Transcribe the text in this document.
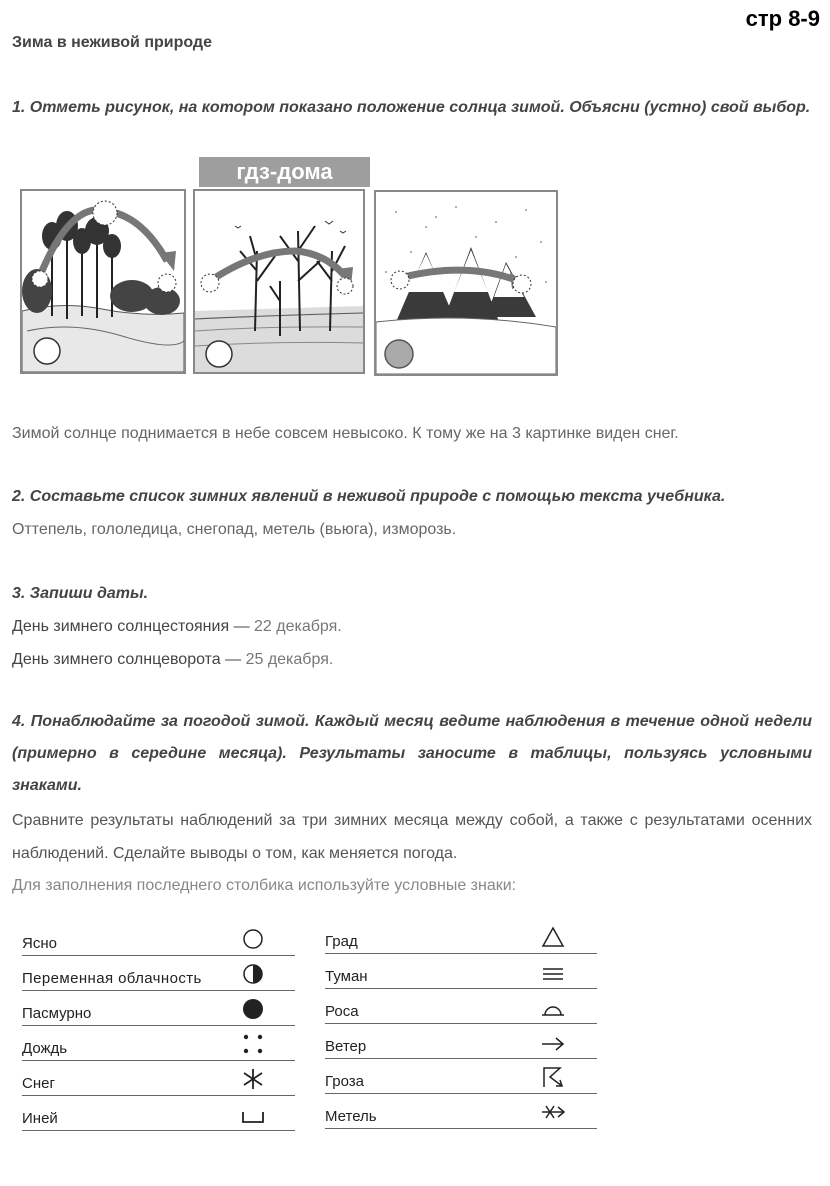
стр 8-9
Зима в неживой природе
1. Отметь рисунок, на котором показано положение солнца зимой. Объясни (устно) свой выбор.
гдз-дома
Зимой солнце поднимается в небе совсем невысоко. К тому же на 3 картинке виден снег.
2. Составьте список зимних явлений в неживой природе с помощью текста учебника.
Оттепель, гололедица, снегопад, метель (вьюга), изморозь.
3. Запиши даты.
День зимнего солнцестояния — 22 декабря.
День зимнего солнцеворота — 25 декабря.
4. Понаблюдайте за погодой зимой. Каждый месяц ведите наблюдения в течение одной недели (примерно в середине месяца). Результаты заносите в таблицы, пользуясь условными знаками.
Сравните результаты наблюдений за три зимних месяца между собой, а также с результатами осенних наблюдений. Сделайте выводы о том, как меняется погода.
Для заполнения последнего столбика используйте условные знаки:
Ясно
Переменная облачность
Пасмурно
Дождь
Снег
Иней
Град
Туман
Роса
Ветер
Гроза
Метель
